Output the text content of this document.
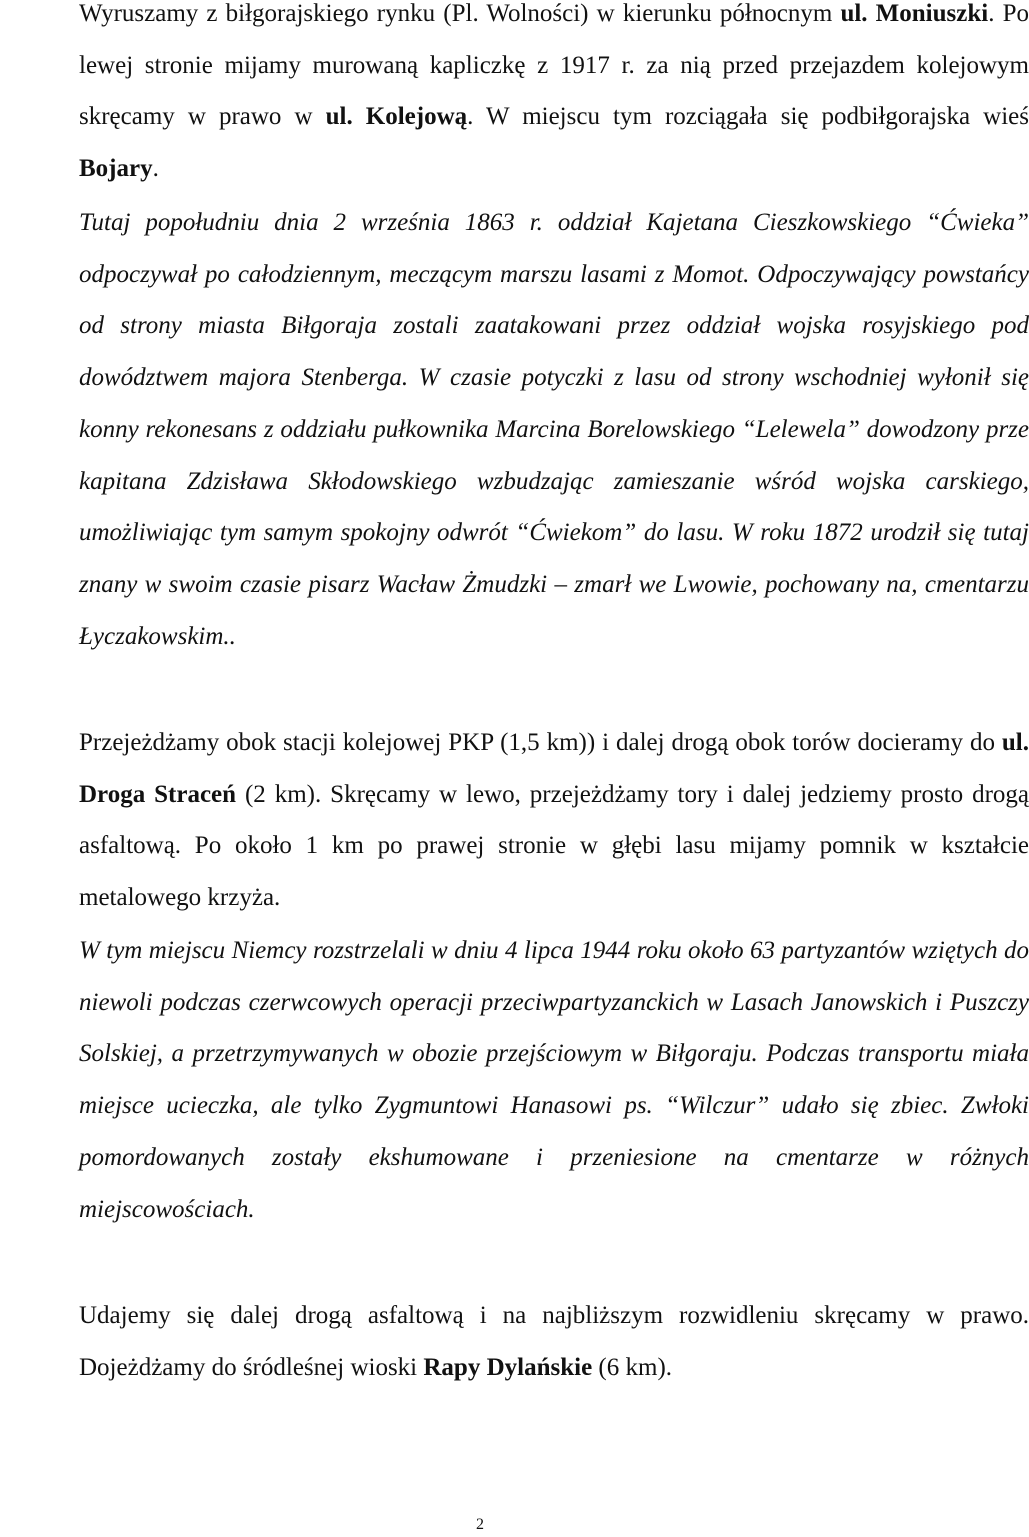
Wyruszamy z biłgorajskiego rynku (Pl. Wolności) w kierunku północnym ul. Moniuszki. Po lewej stronie mijamy murowaną kapliczkę z 1917 r. za nią przed przejazdem kolejowym skręcamy w prawo w ul. Kolejową. W miejscu tym rozciągała się podbiłgorajska wieś Bojary.

Tutaj popołudniu dnia 2 września 1863 r. oddział Kajetana Cieszkowskiego “Ćwieka” odpoczywał po całodziennym, meczącym marszu lasami z Momot. Odpoczywający powstańcy od strony miasta Biłgoraja zostali zaatakowani przez oddział wojska rosyjskiego pod dowództwem majora Stenberga. W czasie potyczki z lasu od strony wschodniej wyłonił się konny rekonesans z oddziału pułkownika Marcina Borelowskiego “Lelewela” dowodzony prze kapitana Zdzisława Skłodowskiego wzbudzając zamieszanie wśród wojska carskiego, umożliwiając tym samym spokojny odwrót “Ćwiekom” do lasu. W roku 1872 urodził się tutaj znany w swoim czasie pisarz Wacław Żmudzki – zmarł we Lwowie, pochowany na, cmentarzu Łyczakowskim..

Przejeżdżamy obok stacji kolejowej PKP (1,5 km)) i dalej drogą obok torów docieramy do ul. Droga Straceń (2 km). Skręcamy w lewo, przejeżdżamy tory i dalej jedziemy prosto drogą asfaltową. Po około 1 km po prawej stronie w głębi lasu mijamy pomnik w kształcie metalowego krzyża.

W tym miejscu Niemcy rozstrzelali w dniu 4 lipca 1944 roku około 63 partyzantów wziętych do niewoli podczas czerwcowych operacji przeciwpartyzanckich w Lasach Janowskich i Puszczy Solskiej, a przetrzymywanych w obozie przejściowym w Biłgoraju. Podczas transportu miała miejsce ucieczka, ale tylko Zygmuntowi Hanasowi ps. “Wilczur” udało się zbiec. Zwłoki pomordowanych zostały ekshumowane i przeniesione na cmentarze w różnych miejscowościach.

Udajemy się dalej drogą asfaltową i na najbliższym rozwidleniu skręcamy w prawo. Dojeżdżamy do śródleśnej wioski Rapy Dylańskie (6 km).

2
